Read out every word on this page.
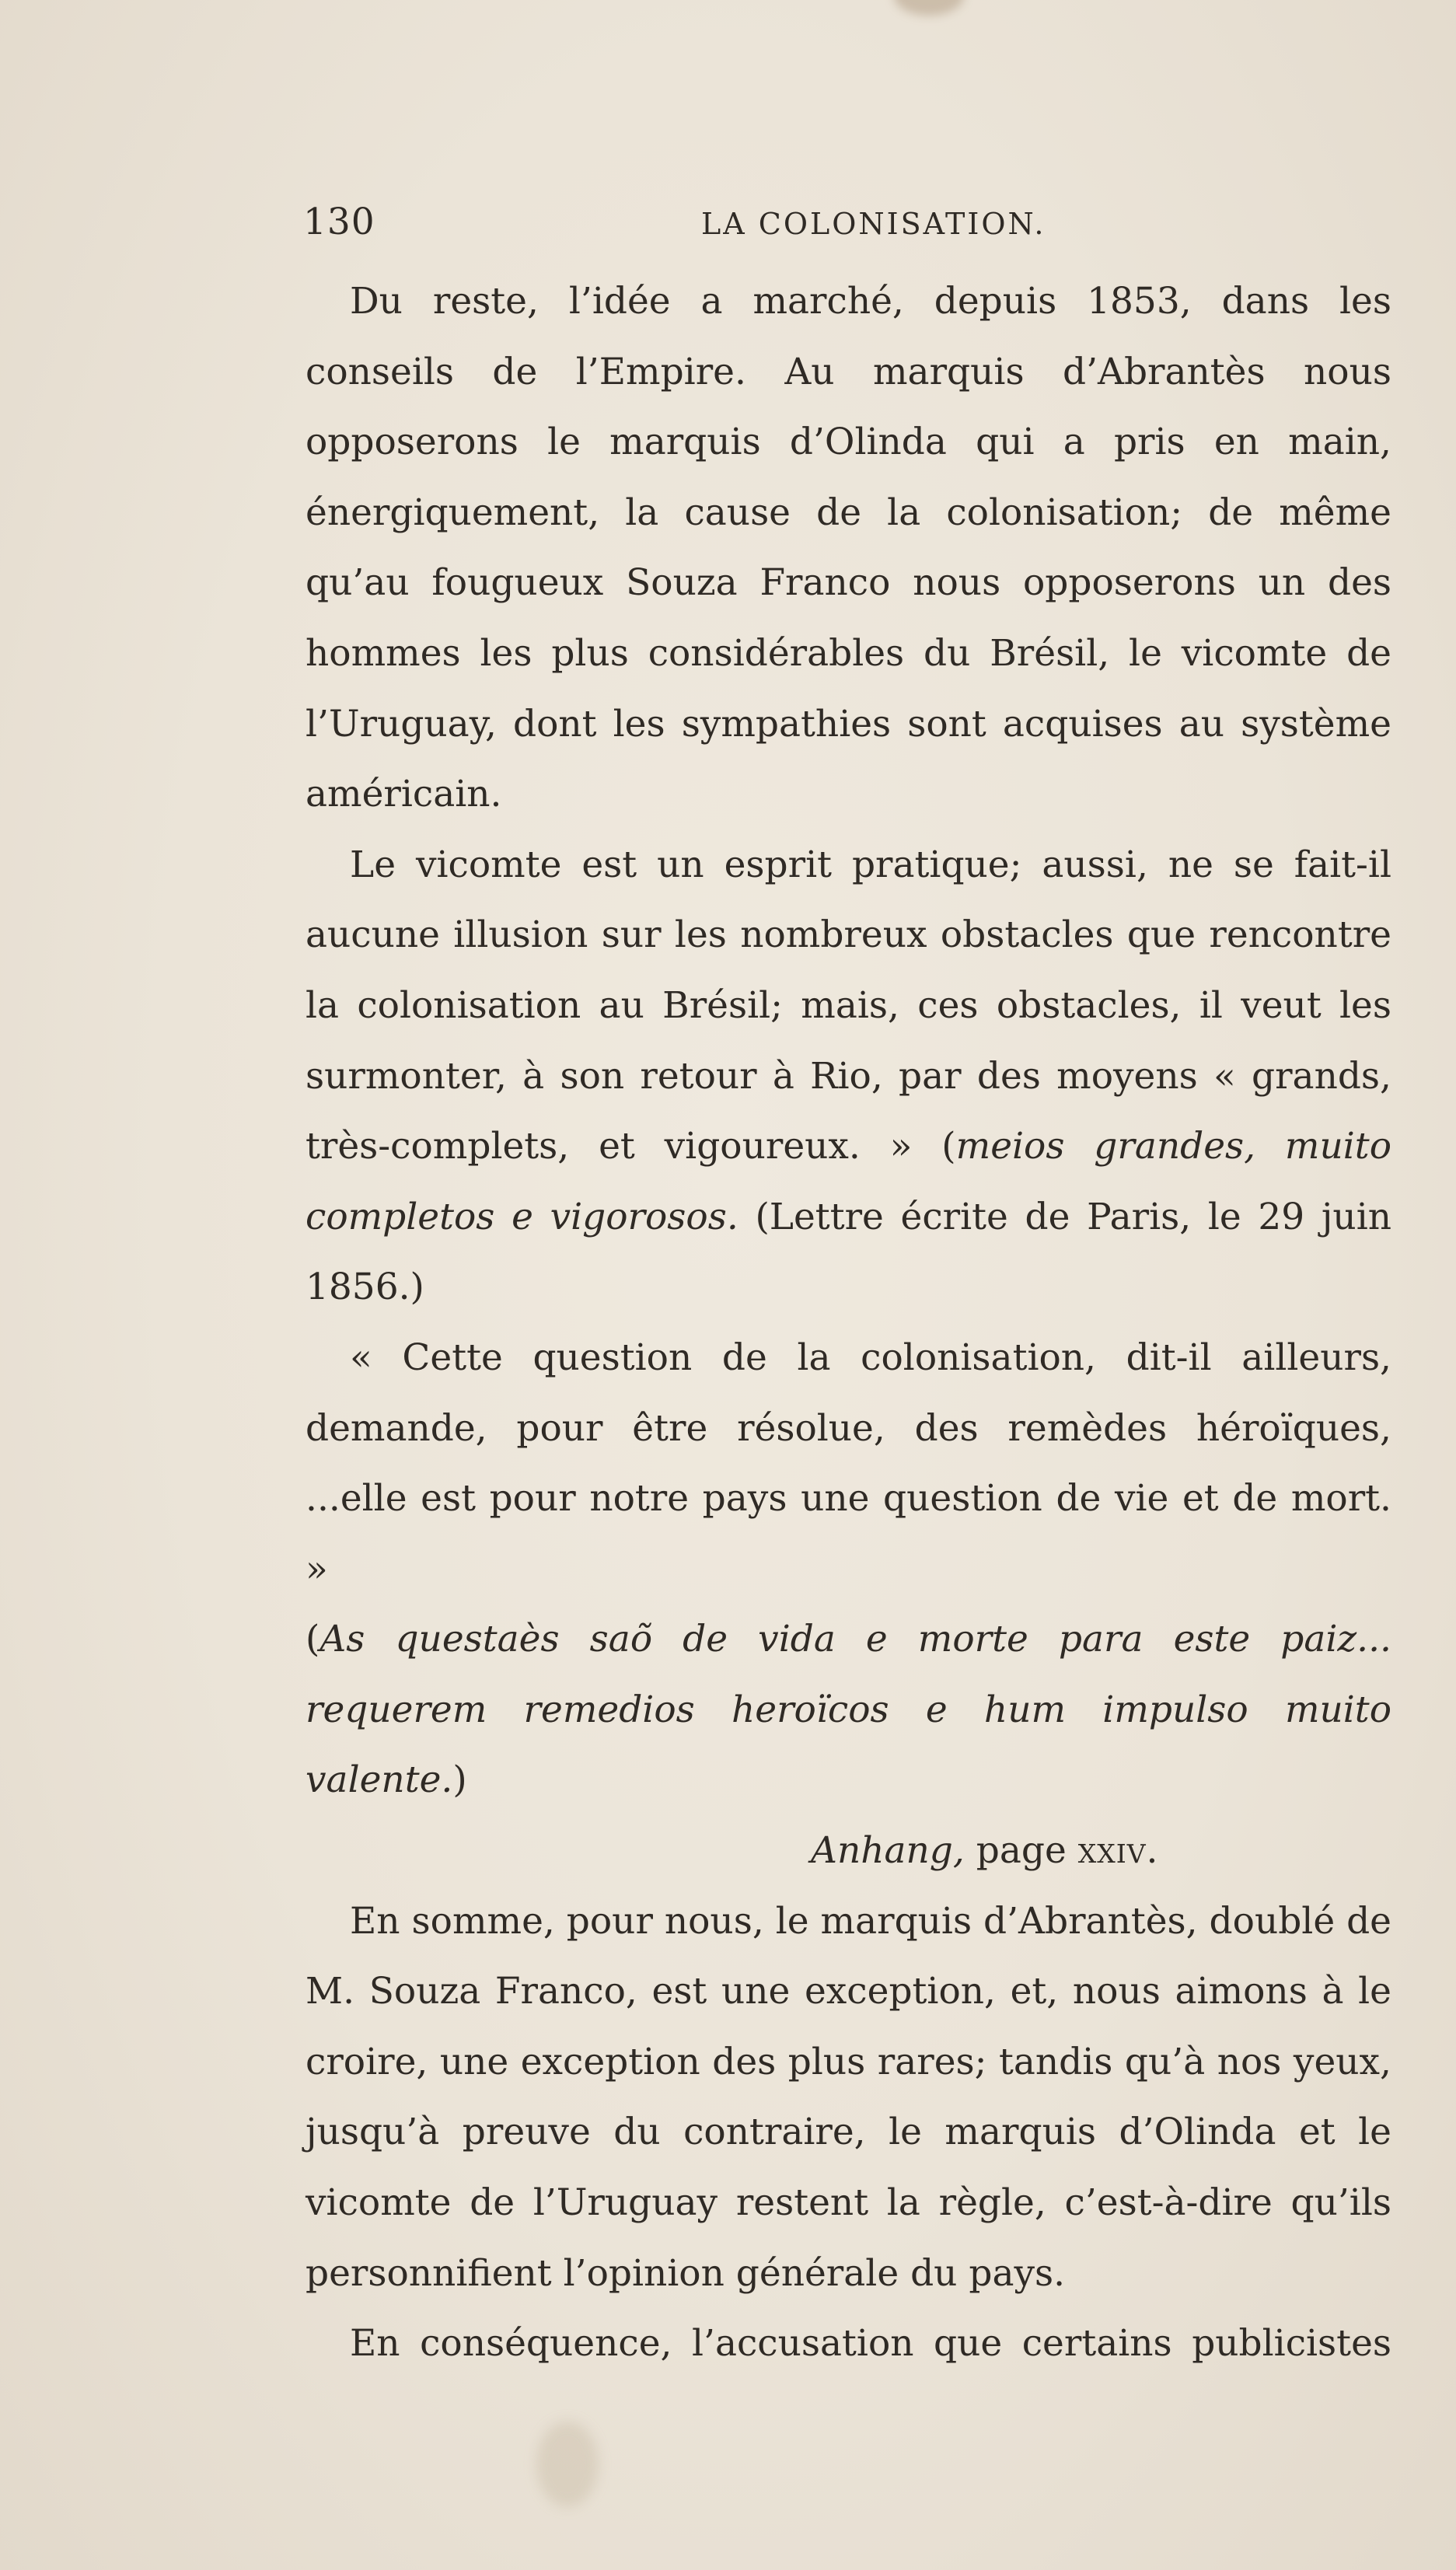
130	LA COLONISATION.

Du reste, l’idée a marché, depuis 1853, dans les conseils de l’Empire. Au marquis d’Abrantès nous opposerons le marquis d’Olinda qui a pris en main, énergiquement, la cause de la colonisation; de même qu’au fougueux Souza Franco nous opposerons un des hommes les plus considérables du Brésil, le vicomte de l’Uruguay, dont les sympathies sont acquises au système américain.

Le vicomte est un esprit pratique; aussi, ne se fait-il aucune illusion sur les nombreux obstacles que rencontre la colonisation au Brésil; mais, ces obstacles, il veut les surmonter, à son retour à Rio, par des moyens « grands, très-complets, et vigoureux. » (meios grandes, muito completos e vigorosos. (Lettre écrite de Paris, le 29 juin 1856.)

« Cette question de la colonisation, dit-il ailleurs, demande, pour être résolue, des remèdes héroïques, ...elle est pour notre pays une question de vie et de mort. »

(As questaès saõ de vida e morte para este paiz... requerem remedios heroïcos e hum impulso muito valente.)

Anhang, page xxiv.

En somme, pour nous, le marquis d’Abrantès, doublé de M. Souza Franco, est une exception, et, nous aimons à le croire, une exception des plus rares; tandis qu’à nos yeux, jusqu’à preuve du contraire, le marquis d’Olinda et le vicomte de l’Uruguay restent la règle, c’est-à-dire qu’ils personnifient l’opinion générale du pays.

En conséquence, l’accusation que certains publicistes
